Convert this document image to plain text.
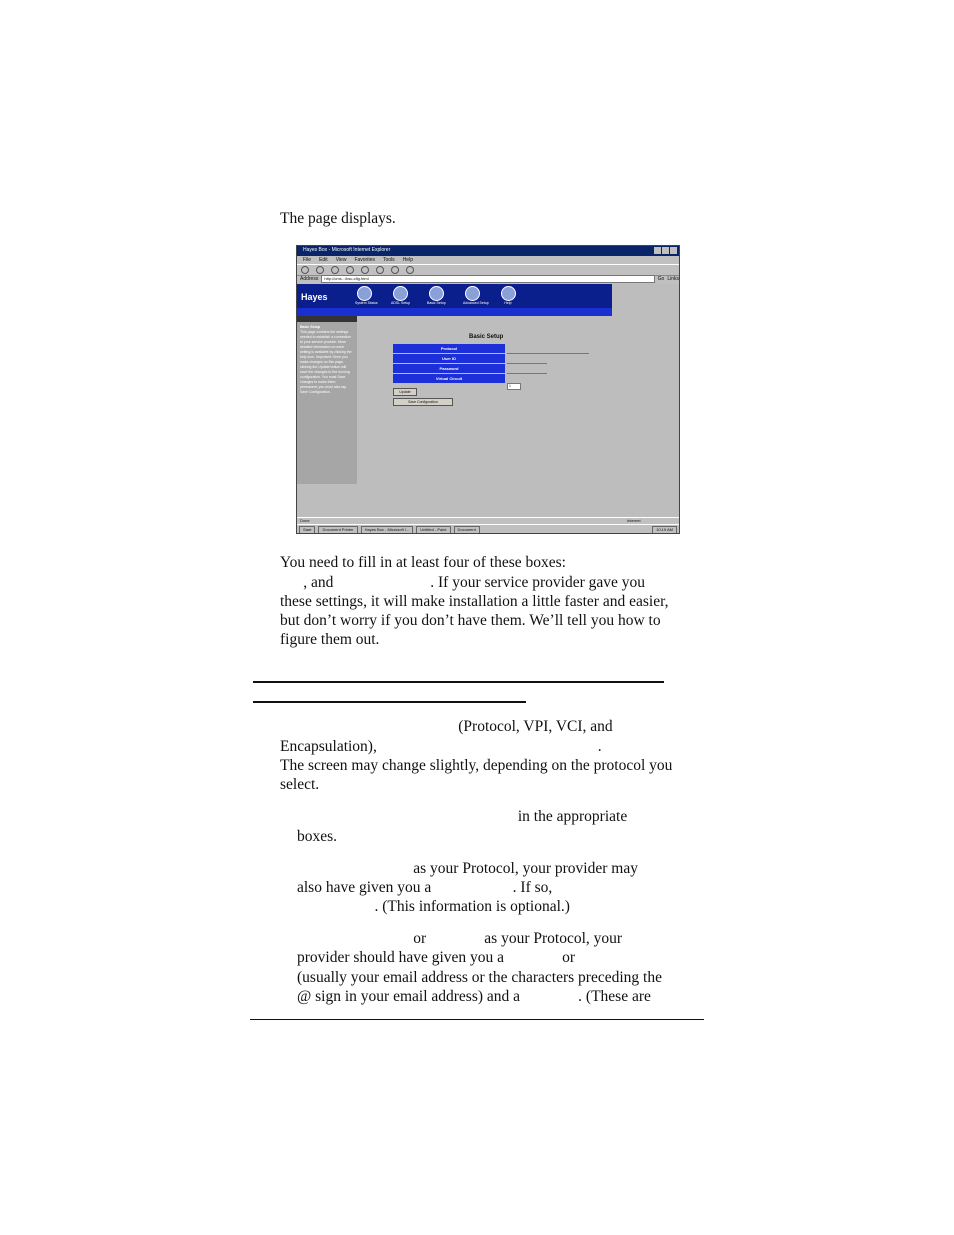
The page displays.

Hayes Box - Microsoft Internet Explorer
File Edit View Favorites Tools Help
Address	http://cms.../bsc-cfig.html	Go Links
Hayes
System Status	ADSL Setup	Basic Setup	Advanced Setup	Help
Basic Setup
This page contains the settings needed to establish a connection to your service provider. More detailed information on each setting is available by clicking the help icon. Important: Once you make changes on this page, clicking the Update button will save the changes to the running configuration. You must Save changes to make them permanent; you must also tap Save Configuration.
Basic Setup
Protocol
User ID
Password
Virtual Circuit
1
Update
Save Configuration
Done	Internet
Start	Document Printer	Hayes Box - Microsoft I...	Untitled - Paint	Document	10:19 AM

You need to fill in at least four of these boxes:

, and                         . If your service provider gave you

these settings, it will make installation a little faster and easier,

but don’t worry if you don’t have them. We’ll tell you how to

figure them out.

(Protocol, VPI, VCI, and

Encapsulation),                                                         .

The screen may change slightly, depending on the protocol you

select.

in the appropriate

boxes.

as your Protocol, your provider may

also have given you a                     . If so,

. (This information is optional.)

or               as your Protocol, your

provider should have given you a               or

(usually your email address or the characters preceding the

@ sign in your email address) and a               . (These are
